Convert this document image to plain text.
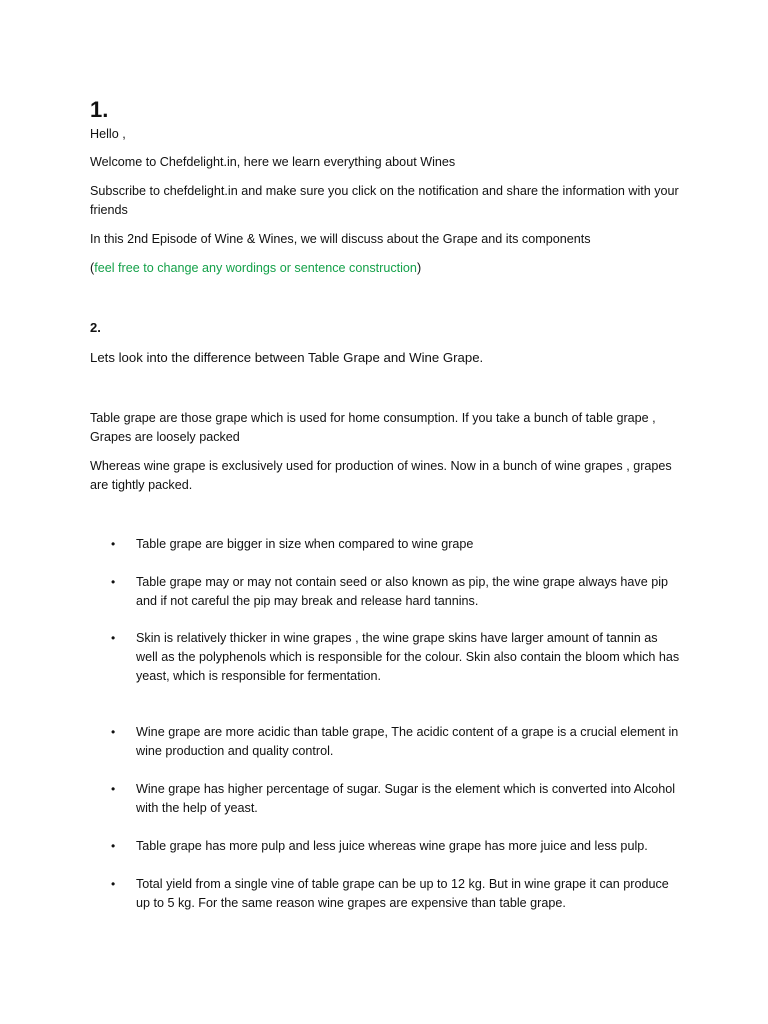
1.

Hello ,

Welcome to Chefdelight.in, here we learn everything about Wines

Subscribe to chefdelight.in and make sure you click on the notification and share the information with your friends

In this 2nd Episode of Wine & Wines, we will discuss about the Grape and its components

(feel free to change any wordings or sentence construction)

2.

Lets look into the difference between Table Grape and Wine Grape.

Table grape are those grape which is used for home consumption. If you take a bunch of table grape , Grapes are loosely packed

Whereas wine grape is exclusively used for production of wines. Now in a bunch of wine grapes , grapes are tightly packed.

• Table grape are bigger in size when compared to wine grape
• Table grape may or may not contain seed or also known as pip, the wine grape always have pip and if not careful the pip may break and release hard tannins.
• Skin is relatively thicker in wine grapes , the wine grape skins have larger amount of tannin as well as the polyphenols which is responsible for the colour. Skin also contain the bloom which has yeast, which is responsible for fermentation.
• Wine grape are more acidic than table grape, The acidic content of a grape is a crucial element in wine production and quality control.
• Wine grape has higher percentage of sugar. Sugar is the element which is converted into Alcohol with the help of yeast.
• Table grape has more pulp and less juice whereas wine grape has more juice and less pulp.
• Total yield from a single vine of table grape can be up to 12 kg. But in wine grape it can produce up to 5 kg. For the same reason wine grapes are expensive than table grape.
